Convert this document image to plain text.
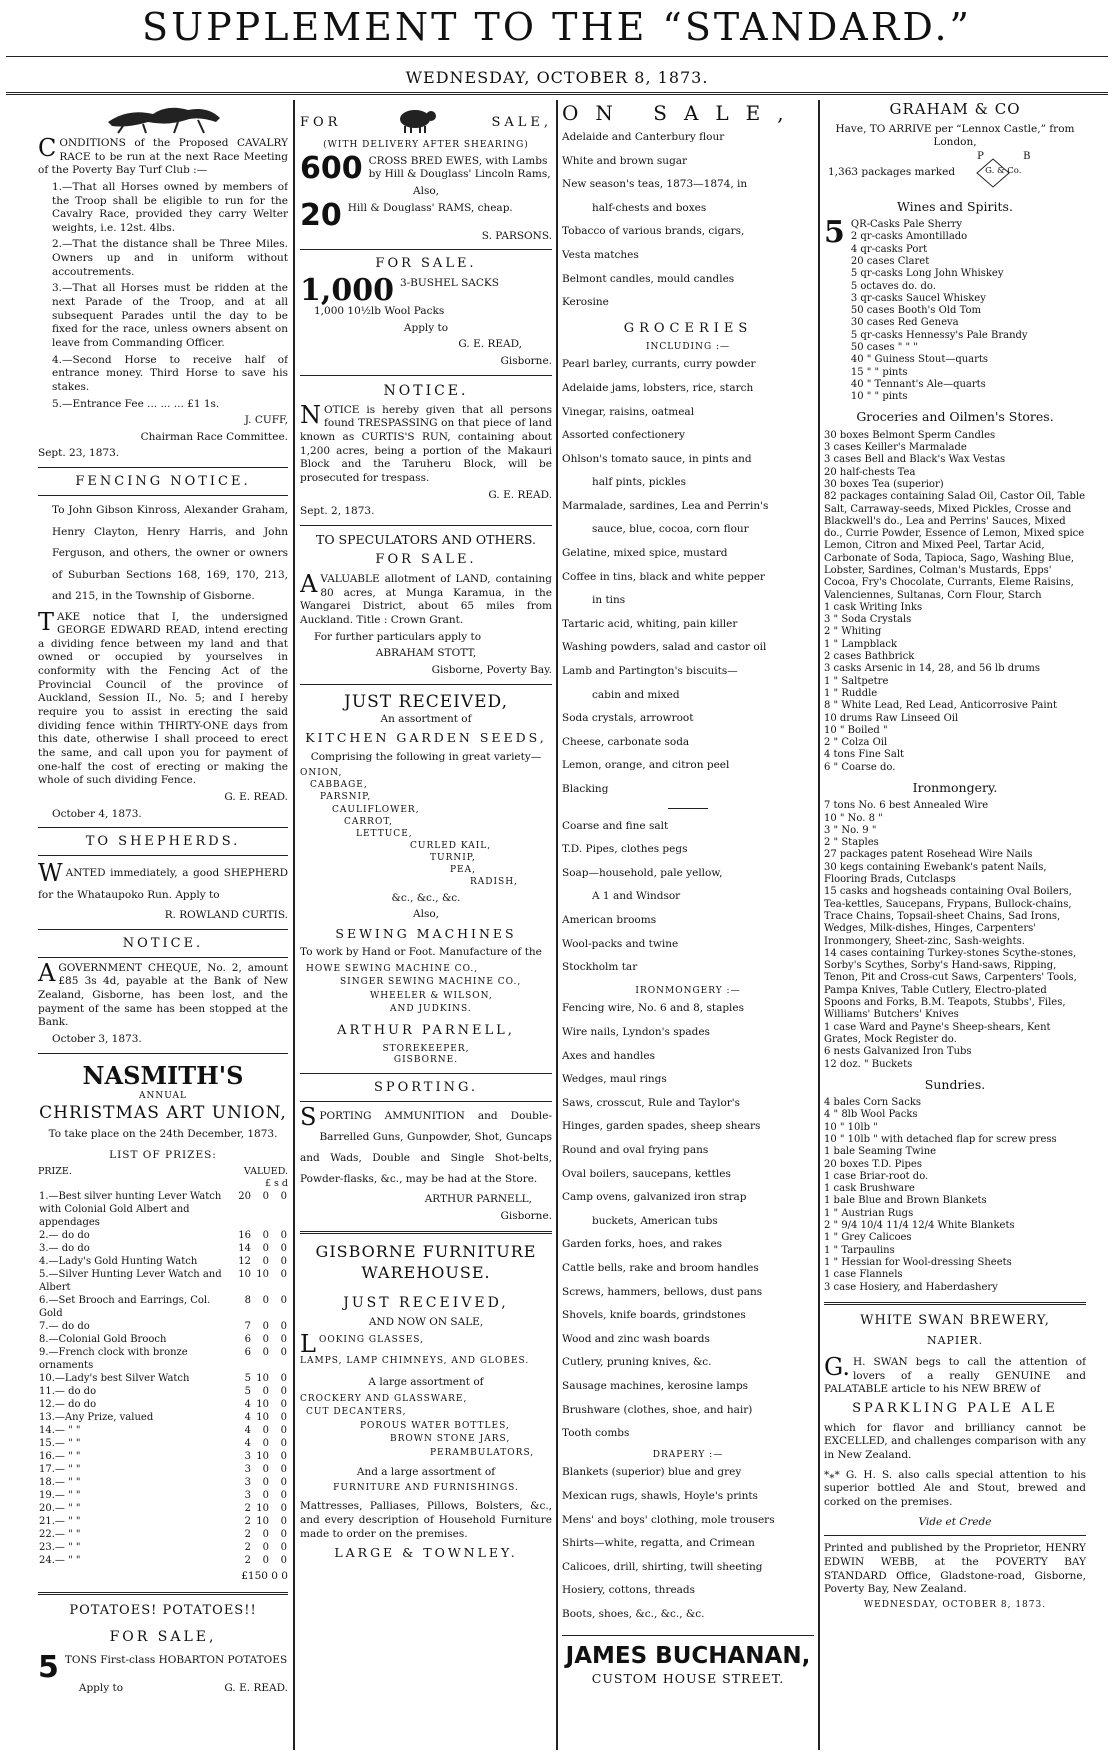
SUPPLEMENT TO THE “STANDARD.”
WEDNESDAY, OCTOBER 8, 1873.

CONDITIONS of the Proposed CAVALRY RACE to be run at the next Race Meeting of the Poverty Bay Turf Club :—

1.—That all Horses owned by members of the Troop shall be eligible to run for the Cavalry Race, provided they carry Welter weights, i.e. 12st. 4lbs.

2.—That the distance shall be Three Miles. Owners up and in uniform without accoutrements.

3.—That all Horses must be ridden at the next Parade of the Troop, and at all subsequent Parades until the day to be fixed for the race, unless owners absent on leave from Commanding Officer.

4.—Second Horse to receive half of entrance money. Third Horse to save his stakes.

5.—Entrance Fee ... ... ... £1 1s.

J. CUFF,

Chairman Race Committee.

Sept. 23, 1873.

FENCING NOTICE.

To John Gibson Kinross, Alexander Graham, Henry Clayton, Henry Harris, and John Ferguson, and others, the owner or owners of Suburban Sections 168, 169, 170, 213, and 215, in the Township of Gisborne.

TAKE notice that I, the undersigned GEORGE EDWARD READ, intend erecting a dividing fence between my land and that owned or occupied by yourselves in conformity with the Fencing Act of the Provincial Council of the province of Auckland, Session II., No. 5; and I hereby require you to assist in erecting the said dividing fence within THIRTY-ONE days from this date, otherwise I shall proceed to erect the same, and call upon you for payment of one-half the cost of erecting or making the whole of such dividing Fence.

G. E. READ.

October 4, 1873.

TO SHEPHERDS.

WANTED immediately, a good SHEPHERD for the Whataupoko Run. Apply to

R. ROWLAND CURTIS.

NOTICE.

AGOVERNMENT CHEQUE, No. 2, amount £85 3s 4d, payable at the Bank of New Zealand, Gisborne, has been lost, and the payment of the same has been stopped at the Bank.

October 3, 1873.

NASMITH'S
ANNUAL
CHRISTMAS ART UNION,

To take place on the 24th December, 1873.

LIST OF PRIZES:

PRIZE.	VALUED.
£ s d
1.—Best silver hunting Lever Watch with Colonial Gold Albert and appendages	20	0	0
2.— do do	16	0	0
3.— do do	14	0	0
4.—Lady's Gold Hunting Watch	12	0	0
5.—Silver Hunting Lever Watch and Albert	10	10	0
6.—Set Brooch and Earrings, Col. Gold	8	0	0
7.— do do	7	0	0
8.—Colonial Gold Brooch	6	0	0
9.—French clock with bronze ornaments	6	0	0
10.—Lady's best Silver Watch	5	10	0
11.— do do	5	0	0
12.— do do	4	10	0
13.—Any Prize, valued	4	10	0
14.— " "	4	0	0
15.— " "	4	0	0
16.— " "	3	10	0
17.— " "	3	0	0
18.— " "	3	0	0
19.— " "	3	0	0
20.— " "	2	10	0
21.— " "	2	10	0
22.— " "	2	0	0
23.— " "	2	0	0
24.— " "	2	0	0

£150 0 0

POTATOES! POTATOES!!
FOR SALE,

5 TONS First-class HOBARTON POTATOES

Apply to	G. E. READ.
FOR	SALE,
(WITH DELIVERY AFTER SHEARING)

600 CROSS BRED EWES, with Lambs by Hill & Douglass' Lincoln Rams,

Also,

20 Hill & Douglass' RAMS, cheap.

S. PARSONS.

FOR SALE.

1,000 3-BUSHEL SACKS

1,000 10½lb Wool Packs

Apply to

G. E. READ,

Gisborne.

NOTICE.

NOTICE is hereby given that all persons found TRESPASSING on that piece of land known as CURTIS'S RUN, containing about 1,200 acres, being a portion of the Makauri Block and the Taruheru Block, will be prosecuted for trespass.

G. E. READ.

Sept. 2, 1873.

TO SPECULATORS AND OTHERS.
FOR SALE.

AVALUABLE allotment of LAND, containing 80 acres, at Munga Karamua, in the Wangarei District, about 65 miles from Auckland. Title : Crown Grant.

For further particulars apply to

ABRAHAM STOTT,

Gisborne, Poverty Bay.

JUST RECEIVED,
An assortment of
KITCHEN GARDEN SEEDS,

Comprising the following in great variety—

ONION,
CABBAGE,
PARSNIP,
CAULIFLOWER,
CARROT,
LETTUCE,
CURLED KAIL,
TURNIP,
PEA,
RADISH,

&c., &c., &c.

Also,

SEWING MACHINES

To work by Hand or Foot. Manufacture of the

HOWE SEWING MACHINE CO.,
SINGER SEWING MACHINE CO.,
WHEELER & WILSON,
AND JUDKINS.
ARTHUR PARNELL,
STOREKEEPER,
GISBORNE.
SPORTING.

SPORTING AMMUNITION and Double-Barrelled Guns, Gunpowder, Shot, Guncaps and Wads, Double and Single Shot-belts, Powder-flasks, &c., may be had at the Store.

ARTHUR PARNELL,

Gisborne.

GISBORNE FURNITURE WAREHOUSE.
JUST RECEIVED,
AND NOW ON SALE,

LOOKING GLASSES,

LAMPS, LAMP CHIMNEYS, AND GLOBES.

A large assortment of

CROCKERY AND GLASSWARE,
CUT DECANTERS,
POROUS WATER BOTTLES,
BROWN STONE JARS,
PERAMBULATORS,

And a large assortment of

FURNITURE AND FURNISHINGS.

Mattresses, Palliases, Pillows, Bolsters, &c., and every description of Household Furniture made to order on the premises.

LARGE & TOWNLEY.
ON SALE,
Adelaide and Canterbury flour
White and brown sugar
New season's teas, 1873—1874, in
half-chests and boxes
Tobacco of various brands, cigars,
Vesta matches
Belmont candles, mould candles
Kerosine
GROCERIES
INCLUDING :—
Pearl barley, currants, curry powder
Adelaide jams, lobsters, rice, starch
Vinegar, raisins, oatmeal
Assorted confectionery
Ohlson's tomato sauce, in pints and
half pints, pickles
Marmalade, sardines, Lea and Perrin's
sauce, blue, cocoa, corn flour
Gelatine, mixed spice, mustard
Coffee in tins, black and white pepper
in tins
Tartaric acid, whiting, pain killer
Washing powders, salad and castor oil
Lamb and Partington's biscuits—
cabin and mixed
Soda crystals, arrowroot
Cheese, carbonate soda
Lemon, orange, and citron peel
Blacking
Coarse and fine salt
T.D. Pipes, clothes pegs
Soap—household, pale yellow,
A 1 and Windsor
American brooms
Wool-packs and twine
Stockholm tar
IRONMONGERY :—
Fencing wire, No. 6 and 8, staples
Wire nails, Lyndon's spades
Axes and handles
Wedges, maul rings
Saws, crosscut, Rule and Taylor's
Hinges, garden spades, sheep shears
Round and oval frying pans
Oval boilers, saucepans, kettles
Camp ovens, galvanized iron strap
buckets, American tubs
Garden forks, hoes, and rakes
Cattle bells, rake and broom handles
Screws, hammers, bellows, dust pans
Shovels, knife boards, grindstones
Wood and zinc wash boards
Cutlery, pruning knives, &c.
Sausage machines, kerosine lamps
Brushware (clothes, shoe, and hair)
Tooth combs
DRAPERY :—
Blankets (superior) blue and grey
Mexican rugs, shawls, Hoyle's prints
Mens' and boys' clothing, mole trousers
Shirts—white, regatta, and Crimean
Calicoes, drill, shirting, twill sheeting
Hosiery, cottons, threads
Boots, shoes, &c., &c., &c.
JAMES BUCHANAN,
CUSTOM HOUSE STREET.
GRAHAM & CO

Have, TO ARRIVE per “Lennox Castle,” from London,

1,363 packages marked	G. & Co.
P	B
Wines and Spirits.
5 QR-Casks Pale Sherry
2 qr-casks Amontillado
4 qr-casks Port
20 cases Claret
5 qr-casks Long John Whiskey
5 octaves do. do.
3 qr-casks Saucel Whiskey
50 cases Booth's Old Tom
30 cases Red Geneva
5 qr-casks Hennessy's Pale Brandy
50 cases " " "
40 " Guiness Stout—quarts
15 " " pints
40 " Tennant's Ale—quarts
10 " " pints
Groceries and Oilmen's Stores.
30 boxes Belmont Sperm Candles
3 cases Keiller's Marmalade
3 cases Bell and Black's Wax Vestas
20 half-chests Tea
30 boxes Tea (superior)
82 packages containing Salad Oil, Castor Oil, Table Salt, Carraway-seeds, Mixed Pickles, Crosse and Blackwell's do., Lea and Perrins' Sauces, Mixed do., Currie Powder, Essence of Lemon, Mixed spice Lemon, Citron and Mixed Peel, Tartar Acid, Carbonate of Soda, Tapioca, Sago, Washing Blue, Lobster, Sardines, Colman's Mustards, Epps' Cocoa, Fry's Chocolate, Currants, Eleme Raisins, Valenciennes, Sultanas, Corn Flour, Starch
1 cask Writing Inks
3 " Soda Crystals
2 " Whiting
1 " Lampblack
2 cases Bathbrick
3 casks Arsenic in 14, 28, and 56 lb drums
1 " Saltpetre
1 " Ruddle
8 " White Lead, Red Lead, Anticorrosive Paint
10 drums Raw Linseed Oil
10 " Boiled "
2 " Colza Oil
4 tons Fine Salt
6 " Coarse do.
Ironmongery.
7 tons No. 6 best Annealed Wire
10 " No. 8 "
3 " No. 9 "
2 " Staples
27 packages patent Rosehead Wire Nails
30 kegs containing Ewebank's patent Nails, Flooring Brads, Cutclasps
15 casks and hogsheads containing Oval Boilers, Tea-kettles, Saucepans, Frypans, Bullock-chains, Trace Chains, Topsail-sheet Chains, Sad Irons, Wedges, Milk-dishes, Hinges, Carpenters' Ironmongery, Sheet-zinc, Sash-weights.
14 cases containing Turkey-stones Scythe-stones, Sorby's Scythes, Sorby's Hand-saws, Ripping, Tenon, Pit and Cross-cut Saws, Carpenters' Tools, Pampa Knives, Table Cutlery, Electro-plated Spoons and Forks, B.M. Teapots, Stubbs', Files, Williams' Butchers' Knives
1 case Ward and Payne's Sheep-shears, Kent Grates, Mock Register do.
6 nests Galvanized Iron Tubs
12 doz. " Buckets
Sundries.
4 bales Corn Sacks
4 " 8lb Wool Packs
10 " 10lb "
10 " 10lb " with detached flap for screw press
1 bale Seaming Twine
20 boxes T.D. Pipes
1 case Briar-root do.
1 cask Brushware
1 bale Blue and Brown Blankets
1 " Austrian Rugs
2 " 9/4 10/4 11/4 12/4 White Blankets
1 " Grey Calicoes
1 " Tarpaulins
1 " Hessian for Wool-dressing Sheets
1 case Flannels
3 case Hosiery, and Haberdashery
WHITE SWAN BREWERY,
NAPIER.

G. H. SWAN begs to call the attention of lovers of a really GENUINE and PALATABLE article to his NEW BREW of

SPARKLING PALE ALE

which for flavor and brilliancy cannot be EXCELLED, and challenges comparison with any in New Zealand.

*⁎* G. H. S. also calls special attention to his superior bottled Ale and Stout, brewed and corked on the premises.

Vide et Crede

Printed and published by the Proprietor, HENRY EDWIN WEBB, at the POVERTY BAY STANDARD Office, Gladstone-road, Gisborne, Poverty Bay, New Zealand.

WEDNESDAY, OCTOBER 8, 1873.
